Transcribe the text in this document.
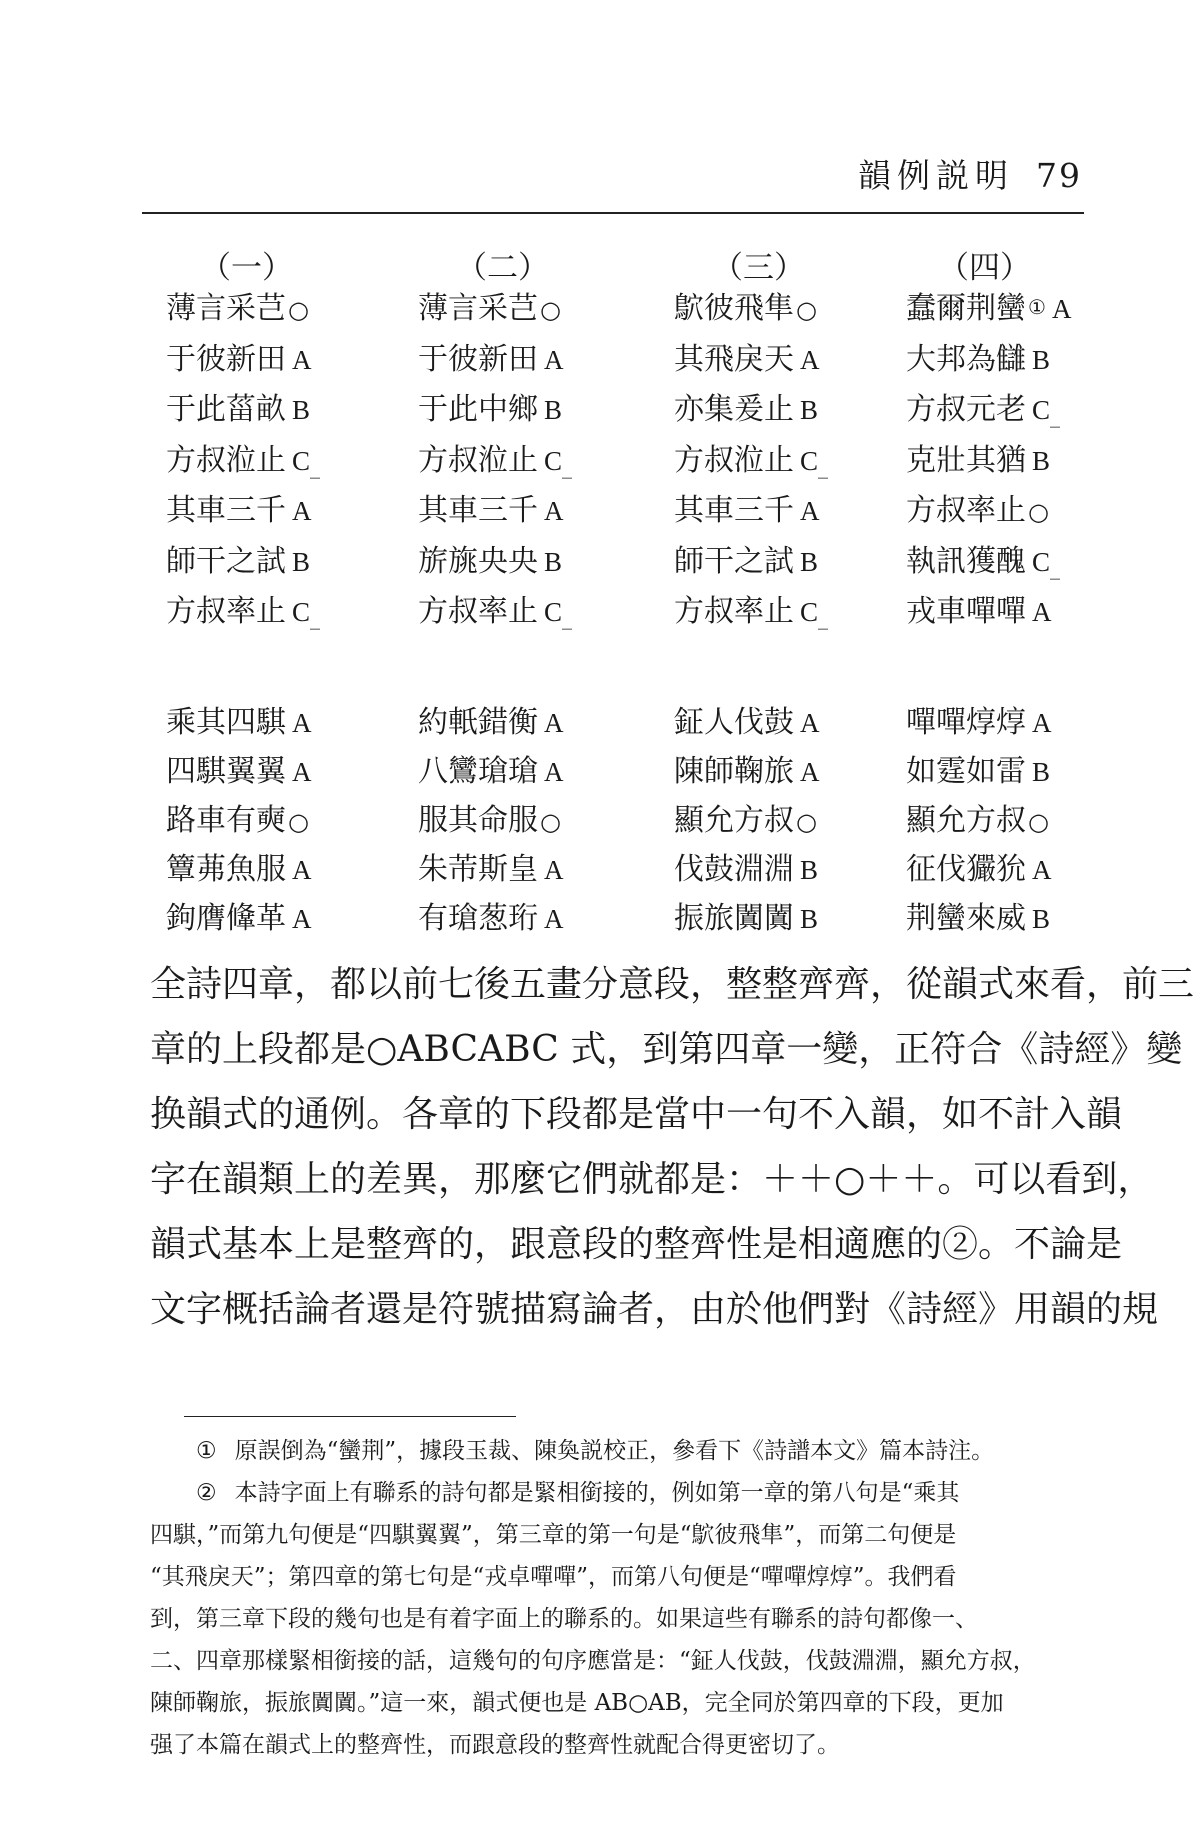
韻例説明 79
（一）
薄言采芑○
于彼新田 A
于此菑畝 B
方叔涖止 C_
其車三千 A
師干之試 B
方叔率止 C_
乘其四騏 A
四騏翼翼 A
路車有奭○
簟茀魚服 A
鉤膺鞗革 A
（二）
薄言采芑○
于彼新田 A
于此中鄉 B
方叔涖止 C_
其車三千 A
旂旐央央 B
方叔率止 C_
約軝錯衡 A
八鸞瑲瑲 A
服其命服○
朱芾斯皇 A
有瑲葱珩 A
（三）
鴥彼飛隼○
其飛戾天 A
亦集爰止 B
方叔涖止 C_
其車三千 A
師干之試 B
方叔率止 C_
鉦人伐鼓 A
陳師鞠旅 A
顯允方叔○
伐鼓淵淵 B
振旅闐闐 B
（四）
蠢爾荆蠻 ① A
大邦為讎 B
方叔元老 C_
克壯其猶 B
方叔率止○
執訊獲醜 C_
戎車嘽嘽 A
嘽嘽焞焞 A
如霆如雷 B
顯允方叔○
征伐玁狁 A
荆蠻來威 B
全詩四章，都以前七後五畫分意段，整整齊齊，從韻式來看，前三
章的上段都是○ABCABC 式，到第四章一變，正符合《詩經》變
换韻式的通例。各章的下段都是當中一句不入韻，如不計入韻
字在韻類上的差異，那麼它們就都是：＋＋○＋＋。可以看到，
韻式基本上是整齊的，跟意段的整齊性是相適應的②。不論是
文字概括論者還是符號描寫論者，由於他們對《詩經》用韻的規
① 原誤倒為“蠻荆”，據段玉裁、陳奐説校正，參看下《詩譜本文》篇本詩注。
② 本詩字面上有聯系的詩句都是緊相銜接的，例如第一章的第八句是“乘其
四騏，”而第九句便是“四騏翼翼”，第三章的第一句是“鴥彼飛隼”，而第二句便是
“其飛戾天”；第四章的第七句是“戎卓嘽嘽”，而第八句便是“嘽嘽焞焞”。我們看
到，第三章下段的幾句也是有着字面上的聯系的。如果這些有聯系的詩句都像一、
二、四章那樣緊相銜接的話，這幾句的句序應當是：“鉦人伐鼓，伐鼓淵淵，顯允方叔，
陳師鞠旅，振旅闐闐。”這一來，韻式便也是 AB○AB，完全同於第四章的下段，更加
强了本篇在韻式上的整齊性，而跟意段的整齊性就配合得更密切了。
